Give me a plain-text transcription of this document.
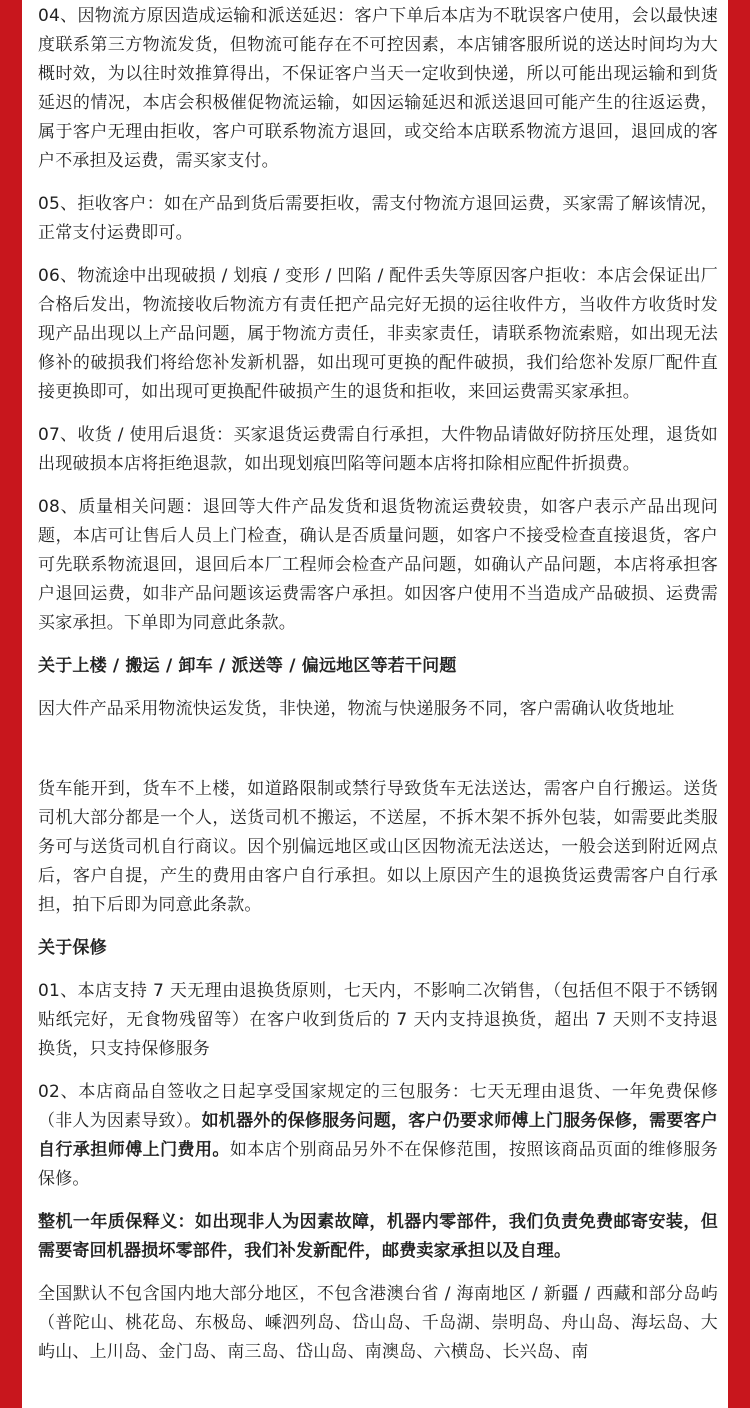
04、因物流方原因造成运输和派送延迟：客户下单后本店为不耽误客户使用，会以最快速度联系第三方物流发货，但物流可能存在不可控因素，本店铺客服所说的送达时间均为大概时效，为以往时效推算得出，不保证客户当天一定收到快递，所以可能出现运输和到货延迟的情况，本店会积极催促物流运输，如因运输延迟和派送退回可能产生的往返运费，属于客户无理由拒收，客户可联系物流方退回，或交给本店联系物流方退回，退回成的客户不承担及运费，需买家支付。

05、拒收客户：如在产品到货后需要拒收，需支付物流方退回运费，买家需了解该情况，正常支付运费即可。

06、物流途中出现破损 / 划痕 / 变形 / 凹陷 / 配件丢失等原因客户拒收：本店会保证出厂合格后发出，物流接收后物流方有责任把产品完好无损的运往收件方，当收件方收货时发现产品出现以上产品问题，属于物流方责任，非卖家责任，请联系物流索赔，如出现无法修补的破损我们将给您补发新机器，如出现可更换的配件破损，我们给您补发原厂配件直接更换即可，如出现可更换配件破损产生的退货和拒收，来回运费需买家承担。

07、收货 / 使用后退货：买家退货运费需自行承担，大件物品请做好防挤压处理，退货如出现破损本店将拒绝退款，如出现划痕凹陷等问题本店将扣除相应配件折损费。

08、质量相关问题：退回等大件产品发货和退货物流运费较贵，如客户表示产品出现问题，本店可让售后人员上门检查，确认是否质量问题，如客户不接受检查直接退货，客户可先联系物流退回，退回后本厂工程师会检查产品问题，如确认产品问题，本店将承担客户退回运费，如非产品问题该运费需客户承担。如因客户使用不当造成产品破损、运费需买家承担。下单即为同意此条款。

关于上楼 / 搬运 / 卸车 / 派送等 / 偏远地区等若干问题

因大件产品采用物流快运发货，非快递，物流与快递服务不同，客户需确认收货地址

货车能开到，货车不上楼，如道路限制或禁行导致货车无法送达，需客户自行搬运。送货司机大部分都是一个人，送货司机不搬运，不送屋，不拆木架不拆外包装，如需要此类服务可与送货司机自行商议。因个别偏远地区或山区因物流无法送达，一般会送到附近网点后，客户自提，产生的费用由客户自行承担。如以上原因产生的退换货运费需客户自行承担，拍下后即为同意此条款。

关于保修

01、本店支持 7 天无理由退换货原则，七天内，不影响二次销售，（包括但不限于不锈钢贴纸完好，无食物残留等）在客户收到货后的 7 天内支持退换货，超出 7 天则不支持退换货，只支持保修服务

02、本店商品自签收之日起享受国家规定的三包服务：七天无理由退货、一年免费保修（非人为因素导致）。如机器外的保修服务问题，客户仍要求师傅上门服务保修，需要客户自行承担师傅上门费用。如本店个别商品另外不在保修范围，按照该商品页面的维修服务保修。

整机一年质保释义：如出现非人为因素故障，机器内零部件，我们负责免费邮寄安装，但需要寄回机器损坏零部件，我们补发新配件，邮费卖家承担以及自理。

全国默认不包含国内地大部分地区，不包含港澳台省 / 海南地区 / 新疆 / 西藏和部分岛屿（普陀山、桃花岛、东极岛、嵊泗列岛、岱山岛、千岛湖、崇明岛、舟山岛、海坛岛、大屿山、上川岛、金门岛、南三岛、岱山岛、南澳岛、六横岛、长兴岛、南
